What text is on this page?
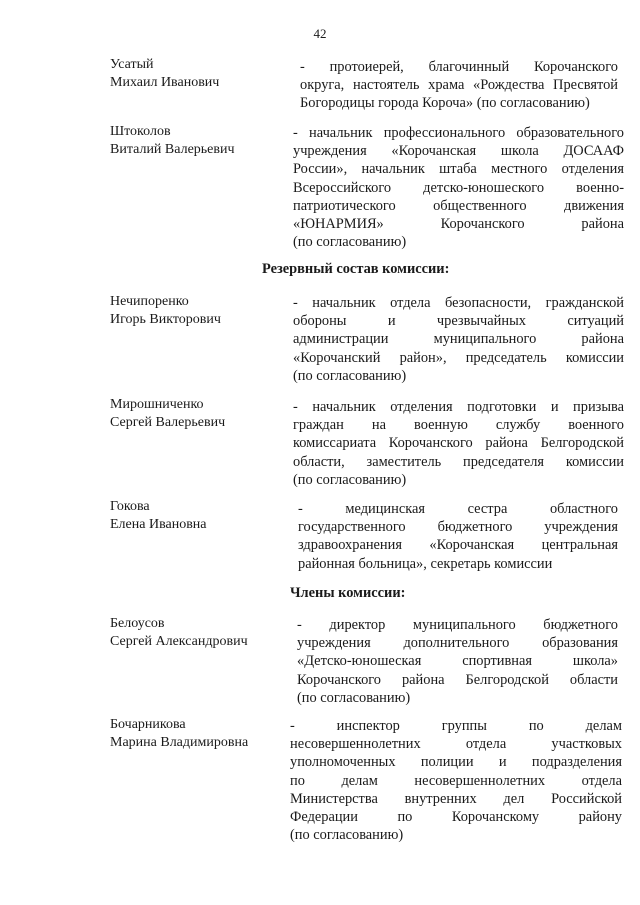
42
Усатый
Михаил Иванович
- протоиерей, благочинный Корочанского
округа, настоятель храма «Рождества Пресвятой
Богородицы города Короча» (по согласованию)
Штоколов
Виталий Валерьевич
- начальник профессионального образовательного
учреждения «Корочанская школа ДОСААФ
России», начальник штаба местного отделения
Всероссийского детско-юношеского военно-
патриотического общественного движения
«ЮНАРМИЯ» Корочанского района
(по согласованию)
Резервный состав комиссии:
Нечипоренко
Игорь Викторович
- начальник отдела безопасности, гражданской
обороны и чрезвычайных ситуаций
администрации муниципального района
«Корочанский район», председатель комиссии
(по согласованию)
Мирошниченко
Сергей Валерьевич
- начальник отделения подготовки и призыва
граждан на военную службу военного
комиссариата Корочанского района Белгородской
области, заместитель председателя комиссии
(по согласованию)
Гокова
Елена Ивановна
- медицинская сестра областного
государственного бюджетного учреждения
здравоохранения «Корочанская центральная
районная больница», секретарь комиссии
Члены комиссии:
Белоусов
Сергей Александрович
- директор муниципального бюджетного
учреждения дополнительного образования
«Детско-юношеская спортивная школа»
Корочанского района Белгородской области
(по согласованию)
Бочарникова
Марина Владимировна
- инспектор группы по делам
несовершеннолетних отдела участковых
уполномоченных полиции и подразделения
по делам несовершеннолетних отдела
Министерства внутренних дел Российской
Федерации по Корочанскому району
(по согласованию)
